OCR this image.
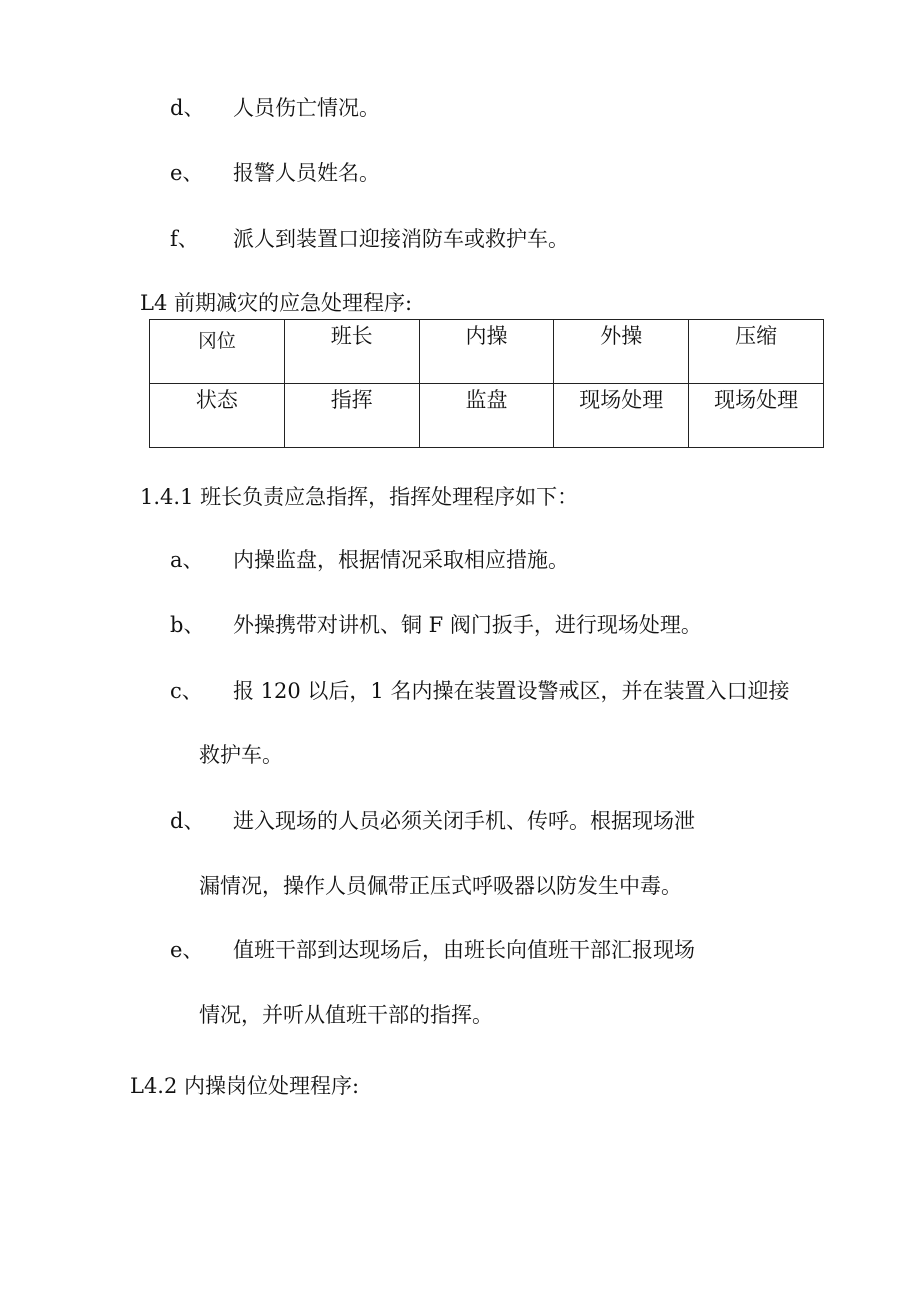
d、 人员伤亡情况。
e、 报警人员姓名。
f、 派人到装置口迎接消防车或救护车。
L4 前期减灾的应急处理程序:
冈位	班长	内操	外操	压缩

状态	指挥	监盘	现场处理	现场处理
1.4.1 班长负责应急指挥，指挥处理程序如下：
a、 内操监盘，根据情况采取相应措施。
b、 外操携带对讲机、铜 F 阀门扳手，进行现场处理。
c、 报 120 以后，1 名内操在装置设警戒区，并在装置入口迎接
救护车。
d、 进入现场的人员必须关闭手机、传呼。根据现场泄
漏情况，操作人员佩带正压式呼吸器以防发生中毒。
e、 值班干部到达现场后，由班长向值班干部汇报现场
情况，并听从值班干部的指挥。
L4.2 内操岗位处理程序:
